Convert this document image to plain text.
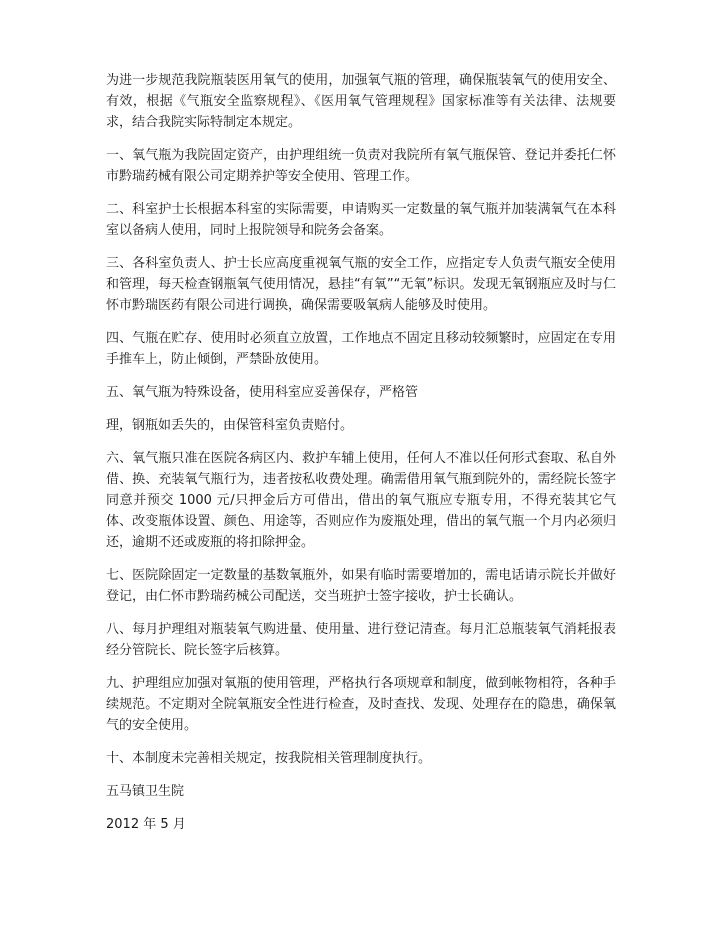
为进一步规范我院瓶装医用氧气的使用，加强氧气瓶的管理，确保瓶装氧气的使用安全、有效，根据《气瓶安全监察规程》、《医用氧气管理规程》国家标准等有关法律、法规要求，结合我院实际特制定本规定。

一、氧气瓶为我院固定资产，由护理组统一负责对我院所有氧气瓶保管、登记并委托仁怀市黔瑞药械有限公司定期养护等安全使用、管理工作。

二、科室护士长根据本科室的实际需要，申请购买一定数量的氧气瓶并加装满氧气在本科室以备病人使用，同时上报院领导和院务会备案。

三、各科室负责人、护士长应高度重视氧气瓶的安全工作，应指定专人负责气瓶安全使用和管理，每天检查钢瓶氧气使用情况，悬挂“有氧”“无氧”标识。发现无氧钢瓶应及时与仁怀市黔瑞医药有限公司进行调换，确保需要吸氧病人能够及时使用。

四、气瓶在贮存、使用时必须直立放置，工作地点不固定且移动较频繁时，应固定在专用手推车上，防止倾倒，严禁卧放使用。

五、氧气瓶为特殊设备，使用科室应妥善保存，严格管

理，钢瓶如丢失的，由保管科室负责赔付。

六、氧气瓶只准在医院各病区内、救护车辅上使用，任何人不准以任何形式套取、私自外借、换、充装氧气瓶行为，违者按私收费处理。确需借用氧气瓶到院外的，需经院长签字同意并预交 1000 元/只押金后方可借出，借出的氧气瓶应专瓶专用，不得充装其它气体、改变瓶体设置、颜色、用途等，否则应作为废瓶处理，借出的氧气瓶一个月内必须归还，逾期不还或废瓶的将扣除押金。

七、医院除固定一定数量的基数氧瓶外，如果有临时需要增加的，需电话请示院长并做好登记，由仁怀市黔瑞药械公司配送，交当班护士签字接收，护士长确认。

八、每月护理组对瓶装氧气购进量、使用量、进行登记清查。每月汇总瓶装氧气消耗报表经分管院长、院长签字后核算。

九、护理组应加强对氧瓶的使用管理，严格执行各项规章和制度，做到帐物相符，各种手续规范。不定期对全院氧瓶安全性进行检查，及时查找、发现、处理存在的隐患，确保氧气的安全使用。

十、本制度未完善相关规定，按我院相关管理制度执行。

五马镇卫生院

2012 年 5 月
